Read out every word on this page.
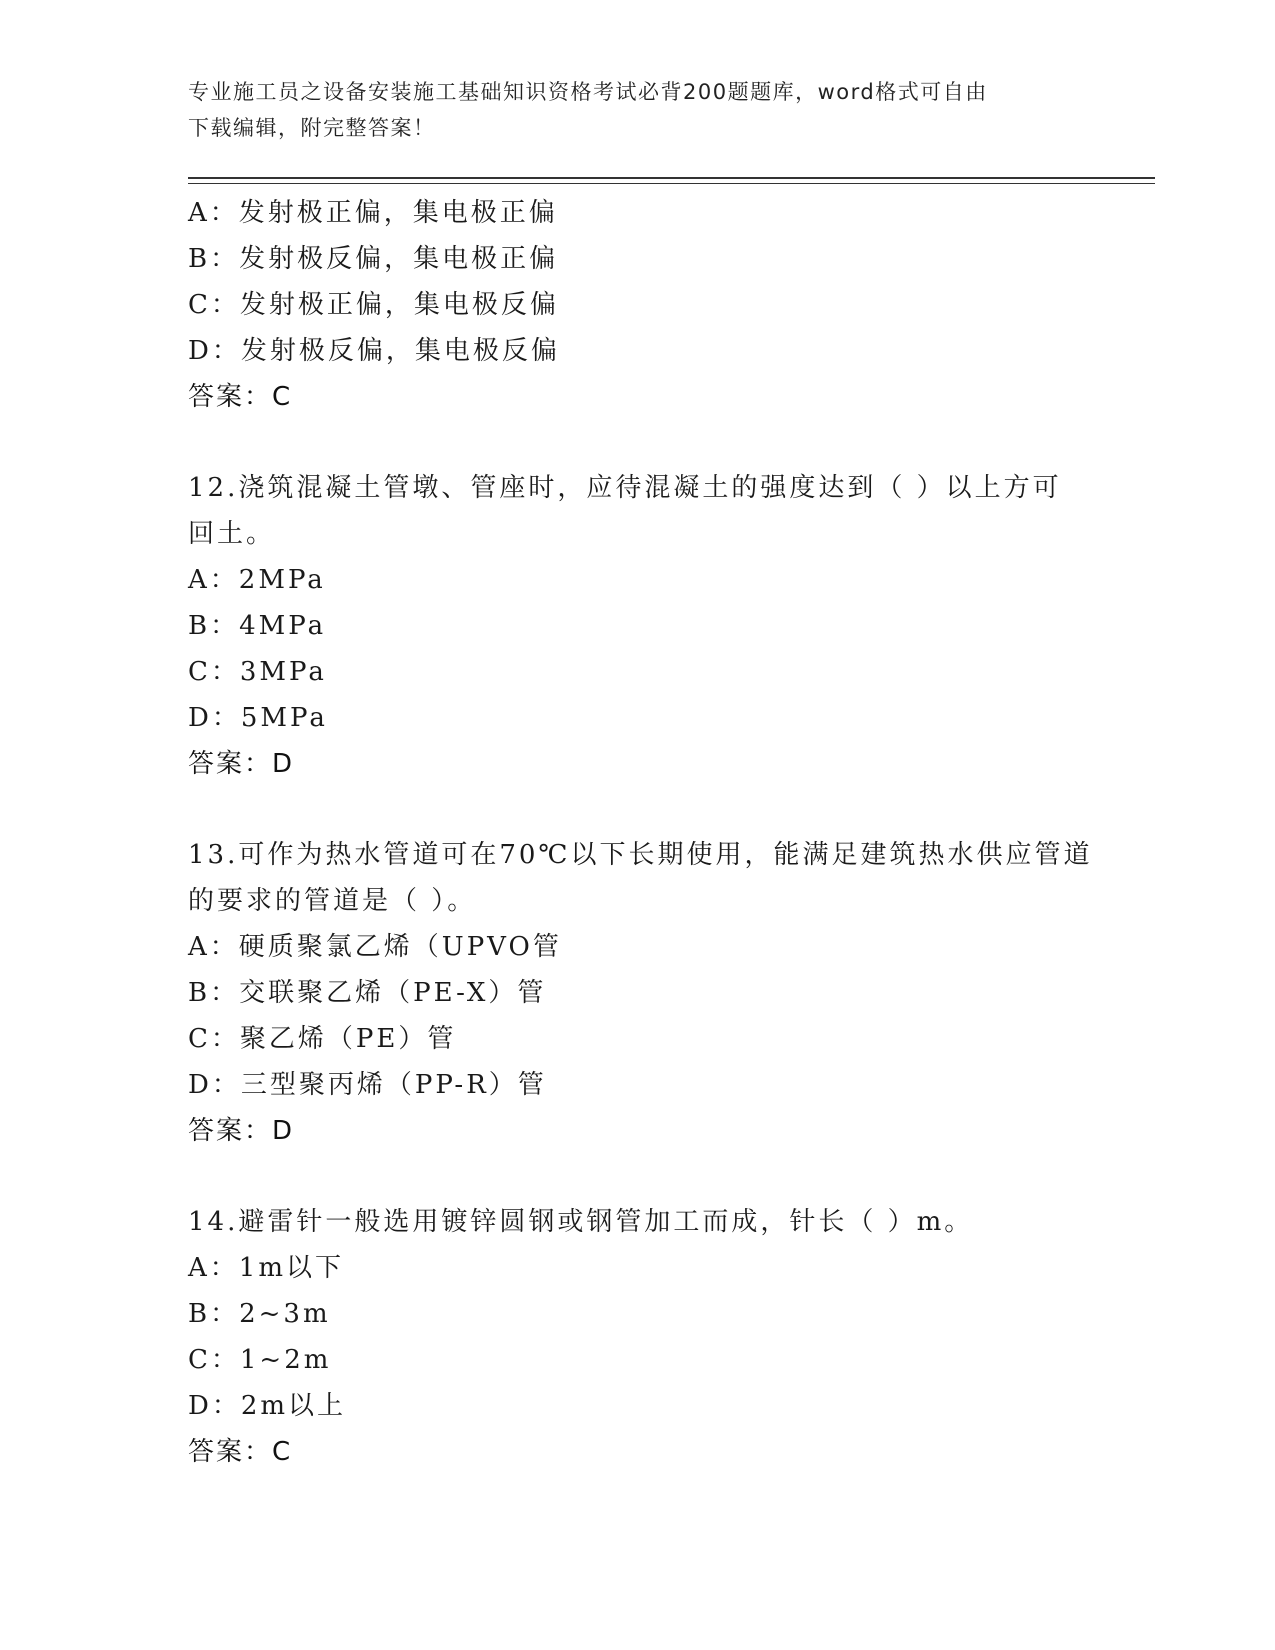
专业施工员之设备安装施工基础知识资格考试必背200题题库，word格式可自由
下载编辑，附完整答案！
A：发射极正偏，集电极正偏
B：发射极反偏，集电极正偏
C：发射极正偏，集电极反偏
D：发射极反偏，集电极反偏
答案：C
12.浇筑混凝土管墩、管座时，应待混凝土的强度达到（ ）以上方可
回土。
A：2MPa
B：4MPa
C：3MPa
D：5MPa
答案：D
13.可作为热水管道可在70℃以下长期使用，能满足建筑热水供应管道
的要求的管道是（ ）。
A：硬质聚氯乙烯（UPVO管
B：交联聚乙烯（PE-X）管
C：聚乙烯（PE）管
D：三型聚丙烯（PP-R）管
答案：D
14.避雷针一般选用镀锌圆钢或钢管加工而成，针长（ ）m。
A：1m以下
B：2~3m
C：1~2m
D：2m以上
答案：C
